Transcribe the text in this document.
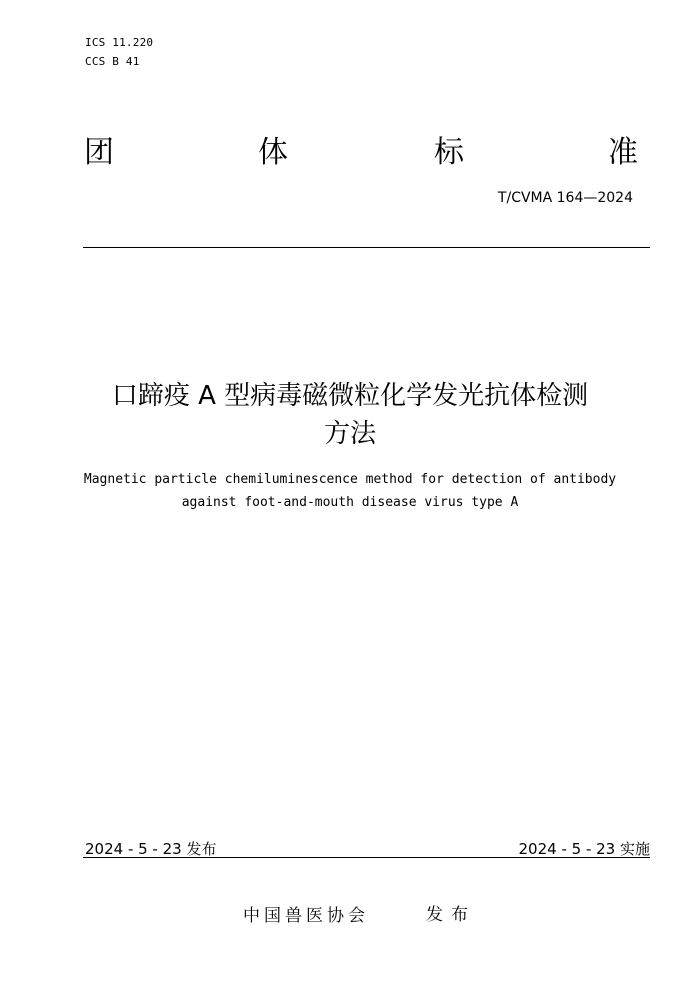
ICS 11.220
CCS B 41
团	体	标	准
T/CVMA 164—2024
口蹄疫 A 型病毒磁微粒化学发光抗体检测
方法
Magnetic particle chemiluminescence method for detection of antibody
against foot-and-mouth disease virus type A
2024 - 5 - 23 发布	2024 - 5 - 23 实施
中国兽医协会	发布
